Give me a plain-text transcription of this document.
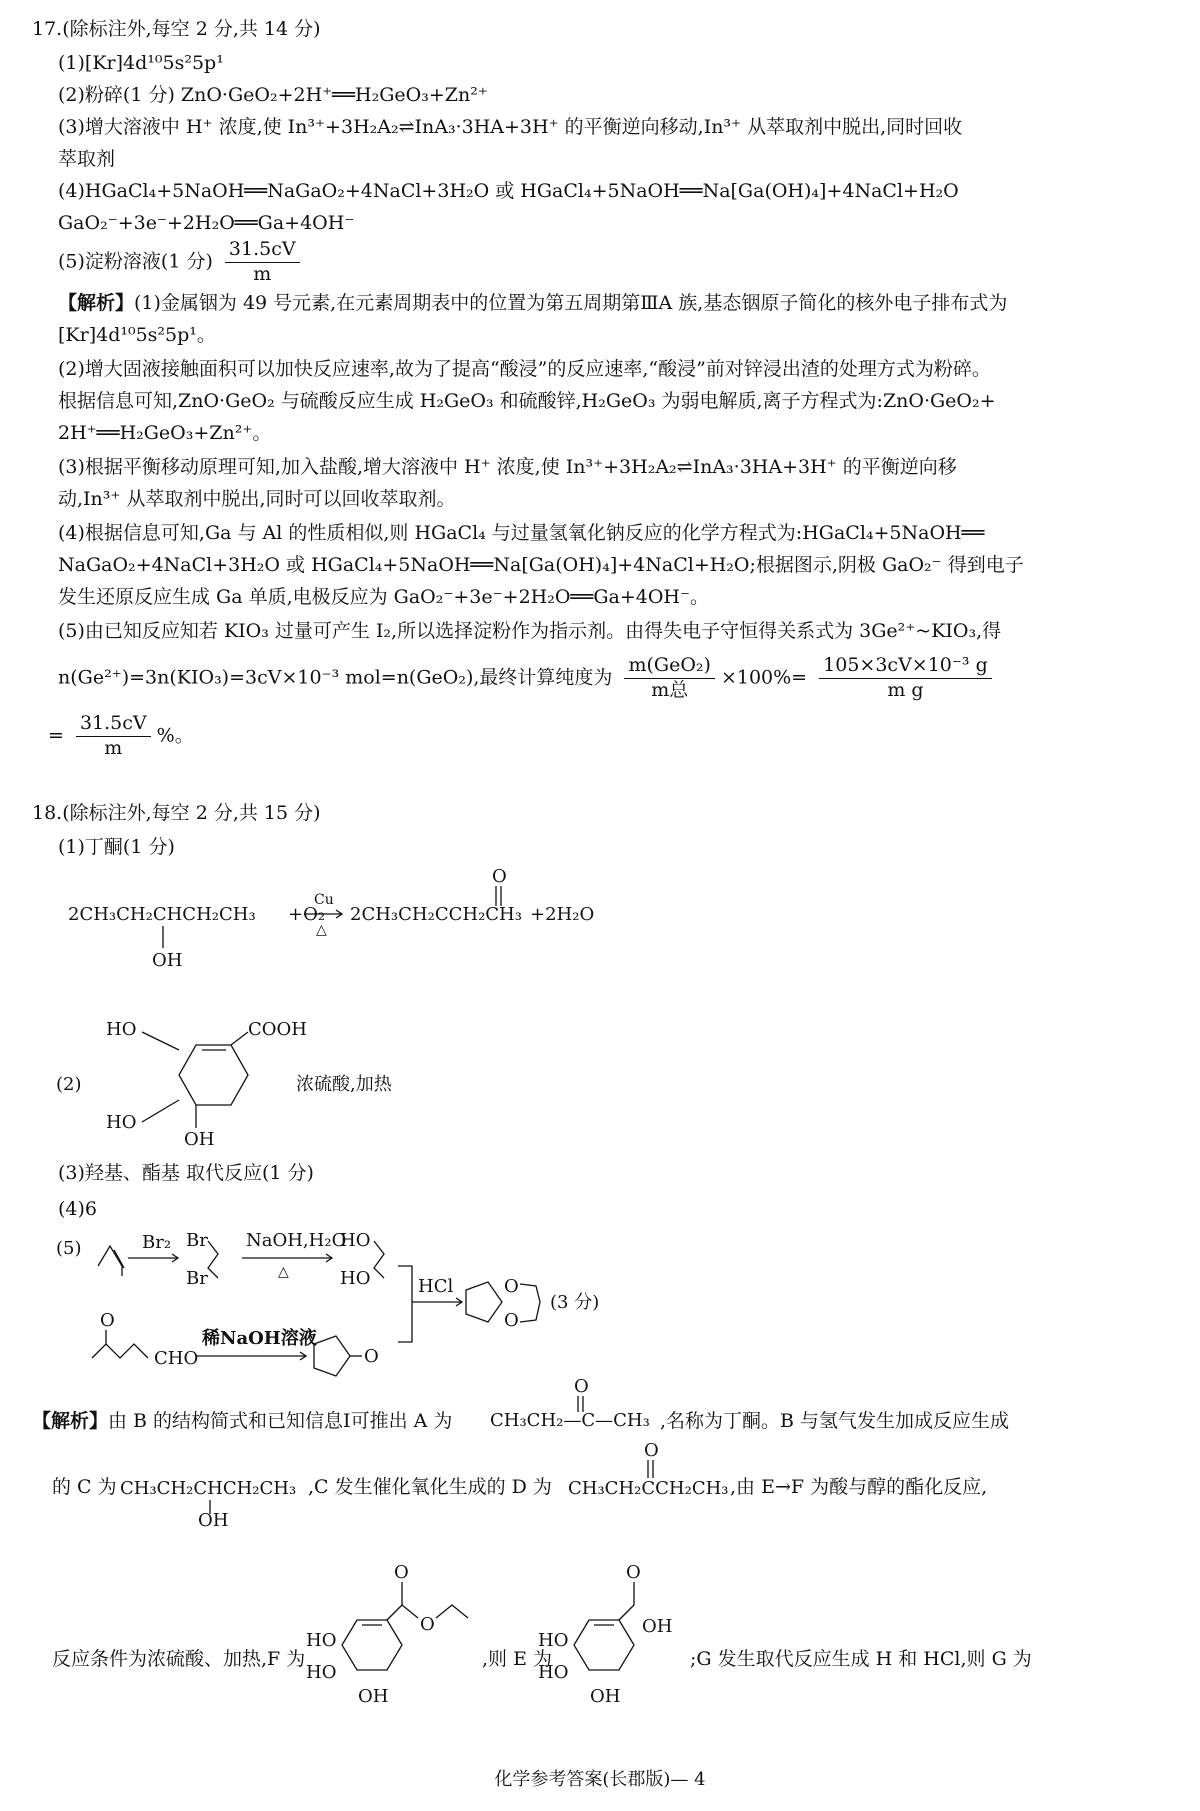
17.(除标注外,每空 2 分,共 14 分)
(1)[Kr]4d¹⁰5s²5p¹
(2)粉碎(1 分) ZnO·GeO₂+2H⁺══H₂GeO₃+Zn²⁺
(3)增大溶液中 H⁺ 浓度,使 In³⁺+3H₂A₂⇌InA₃·3HA+3H⁺ 的平衡逆向移动,In³⁺ 从萃取剂中脱出,同时回收
萃取剂
(4)HGaCl₄+5NaOH══NaGaO₂+4NaCl+3H₂O 或 HGaCl₄+5NaOH══Na[Ga(OH)₄]+4NaCl+H₂O
GaO₂⁻+3e⁻+2H₂O══Ga+4OH⁻
(5)淀粉溶液(1 分) $\frac{31.5cV}{m}$
【解析】(1)金属铟为 49 号元素,在元素周期表中的位置为第五周期第ⅢA 族,基态铟原子简化的核外电子排布式为
[Kr]4d¹⁰5s²5p¹。
(2)增大固液接触面积可以加快反应速率,故为了提高“酸浸”的反应速率,“酸浸”前对锌浸出渣的处理方式为粉碎。
根据信息可知,ZnO·GeO₂ 与硫酸反应生成 H₂GeO₃ 和硫酸锌,H₂GeO₃ 为弱电解质,离子方程式为:ZnO·GeO₂+
2H⁺══H₂GeO₃+Zn²⁺。
(3)根据平衡移动原理可知,加入盐酸,增大溶液中 H⁺ 浓度,使 In³⁺+3H₂A₂⇌InA₃·3HA+3H⁺ 的平衡逆向移
动,In³⁺ 从萃取剂中脱出,同时可以回收萃取剂。
(4)根据信息可知,Ga 与 Al 的性质相似,则 HGaCl₄ 与过量氢氧化钠反应的化学方程式为:HGaCl₄+5NaOH══
NaGaO₂+4NaCl+3H₂O 或 HGaCl₄+5NaOH══Na[Ga(OH)₄]+4NaCl+H₂O;根据图示,阴极 GaO₂⁻ 得到电子
发生还原反应生成 Ga 单质,电极反应为 GaO₂⁻+3e⁻+2H₂O══Ga+4OH⁻。
(5)由已知反应知若 KIO₃ 过量可产生 I₂,所以选择淀粉作为指示剂。由得失电子守恒得关系式为 3Ge²⁺~KIO₃,得
n(Ge²⁺)=3n(KIO₃)=3cV×10⁻³ mol=n(GeO₂),最终计算纯度为 $\frac{\text{m(GeO₂)}}{\text{m总}} \times 100\%= \frac{\text{105×3cV×10⁻³ g}}{\text{m g}}$
= $\frac{31.5cV}{m}$ %。
18.(除标注外,每空 2 分,共 15 分)
(1)丁酮(1 分)
2CH₃CH₂CHCH₂CH₃
OH
+O₂
Cu
△
2CH₃CH₂CCH₂CH₃
O
+2H₂O
(2)
HO	COOH
HO
OH
浓硫酸,加热
(3)羟基、酯基 取代反应(1 分)
(4)6
(5)	Br₂ Br
Br
NaOH,H₂O
△
HO
HO	HCl	O
O
(3 分)
O
CHO
稀NaOH溶液
O
【解析】由 B 的结构简式和已知信息Ⅰ可推出 A 为 CH₃CH₂—C—CH₃
O
,名称为丁酮。B 与氢气发生加成反应生成
的 C 为 CH₃CH₂CHCH₂CH₃
OH
,C 发生催化氧化生成的 D 为 CH₃CH₂CCH₂CH₃
O
,由 E→F 为酸与醇的酯化反应,
反应条件为浓硫酸、加热,F 为
HO
HO
OH
O
O
,则 E 为
HO
HO
OH
O
OH
;G 发生取代反应生成 H 和 HCl,则 G 为
化学参考答案(长郡版)— 4
